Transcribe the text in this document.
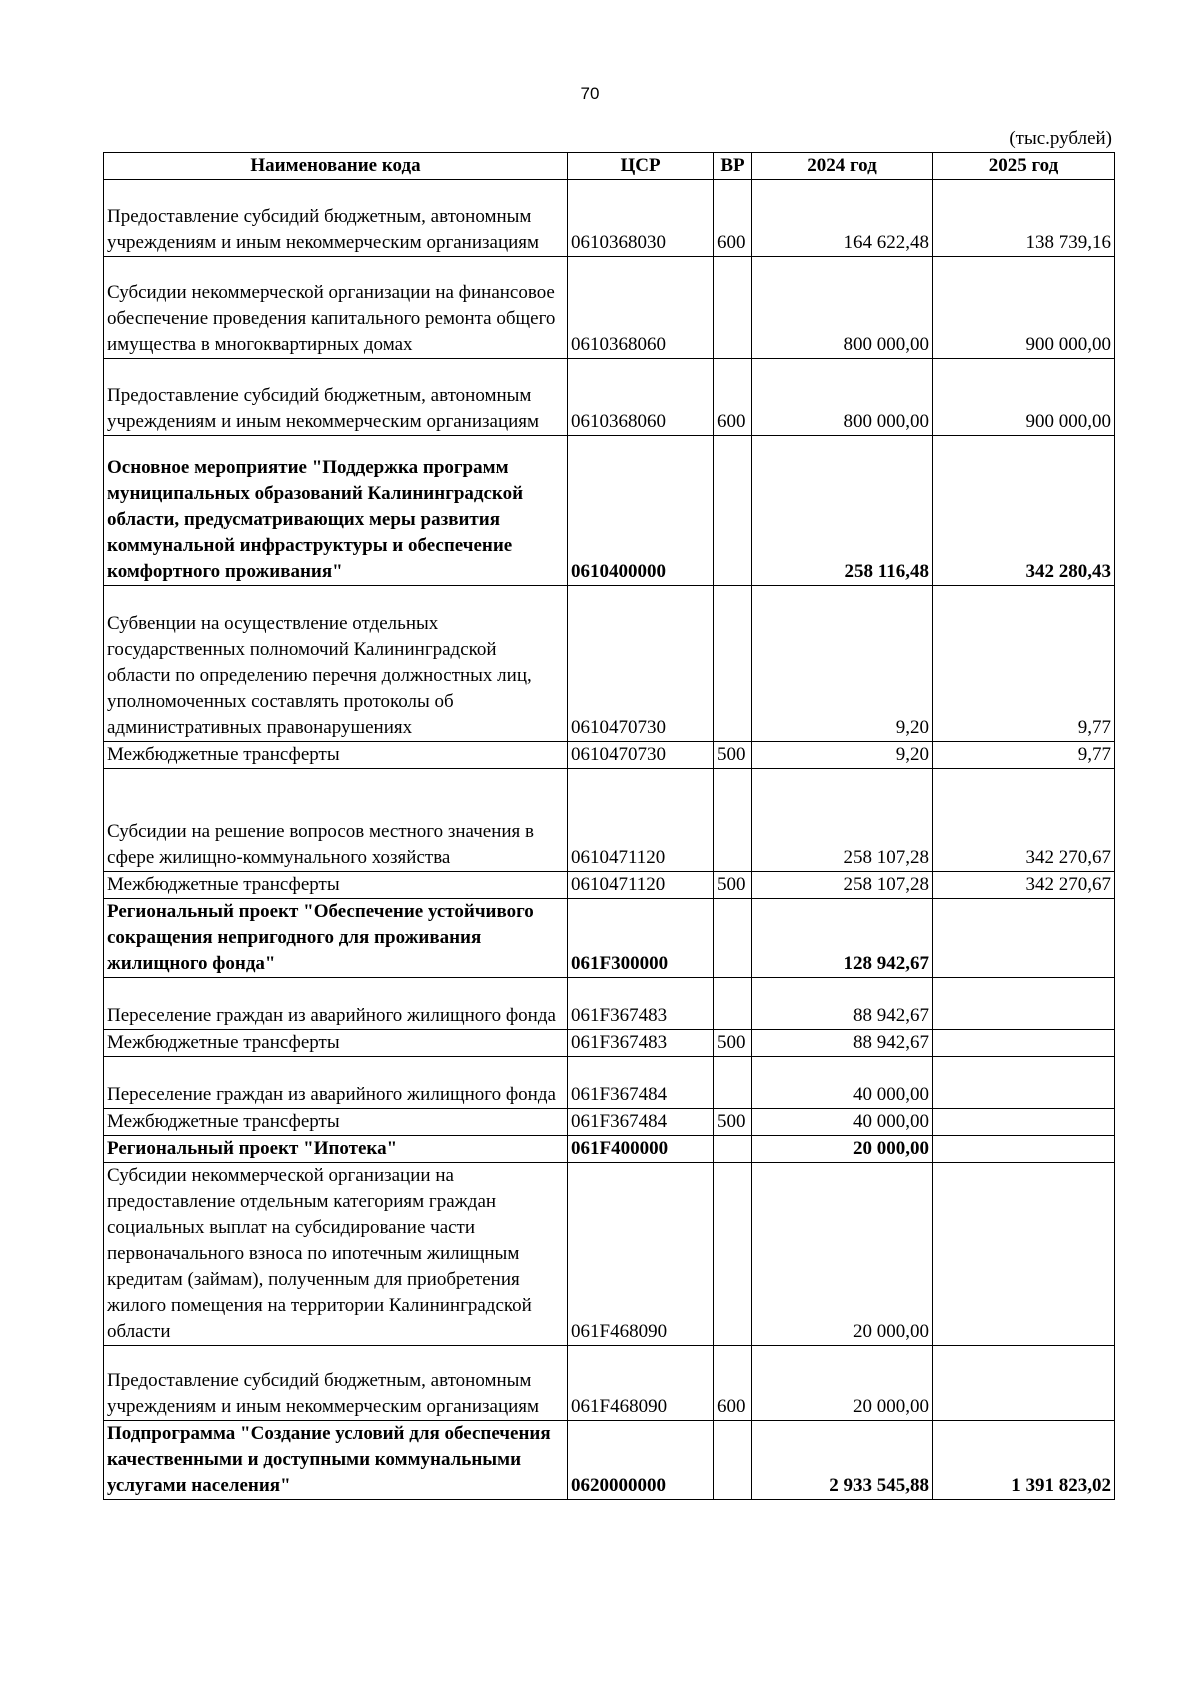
70
(тыс.рублей)
Наименование кода	ЦСР	ВР	2024 год	2025 год
Предоставление субсидий бюджетным, автономным учреждениям и иным некоммерческим организациям	0610368030	600	164 622,48	138 739,16
Субсидии некоммерческой организации на финансовое обеспечение проведения капитального ремонта общего имущества в многоквартирных домах	0610368060		800 000,00	900 000,00
Предоставление субсидий бюджетным, автономным учреждениям и иным некоммерческим организациям	0610368060	600	800 000,00	900 000,00
Основное мероприятие "Поддержка программ муниципальных образований Калининградской области, предусматривающих меры развития коммунальной инфраструктуры и обеспечение комфортного проживания"	0610400000		258 116,48	342 280,43
Субвенции на осуществление отдельных государственных полномочий Калининградской области по определению перечня должностных лиц, уполномоченных составлять протоколы об административных правонарушениях	0610470730		9,20	9,77
Межбюджетные трансферты	0610470730	500	9,20	9,77
Субсидии на решение вопросов местного значения в сфере жилищно-коммунального хозяйства	0610471120		258 107,28	342 270,67
Межбюджетные трансферты	0610471120	500	258 107,28	342 270,67
Региональный проект "Обеспечение устойчивого сокращения непригодного для проживания жилищного фонда"	061F300000		128 942,67	
Переселение граждан из аварийного жилищного фонда	061F367483		88 942,67	
Межбюджетные трансферты	061F367483	500	88 942,67	
Переселение граждан из аварийного жилищного фонда	061F367484		40 000,00	
Межбюджетные трансферты	061F367484	500	40 000,00	
Региональный проект "Ипотека"	061F400000		20 000,00	
Субсидии некоммерческой организации на предоставление отдельным категориям граждан социальных выплат на субсидирование части первоначального взноса по ипотечным жилищным кредитам (займам), полученным для приобретения жилого помещения на территории Калининградской области	061F468090		20 000,00	
Предоставление субсидий бюджетным, автономным учреждениям и иным некоммерческим организациям	061F468090	600	20 000,00	
Подпрограмма "Создание условий для обеспечения качественными и доступными коммунальными услугами населения"	0620000000		2 933 545,88	1 391 823,02
